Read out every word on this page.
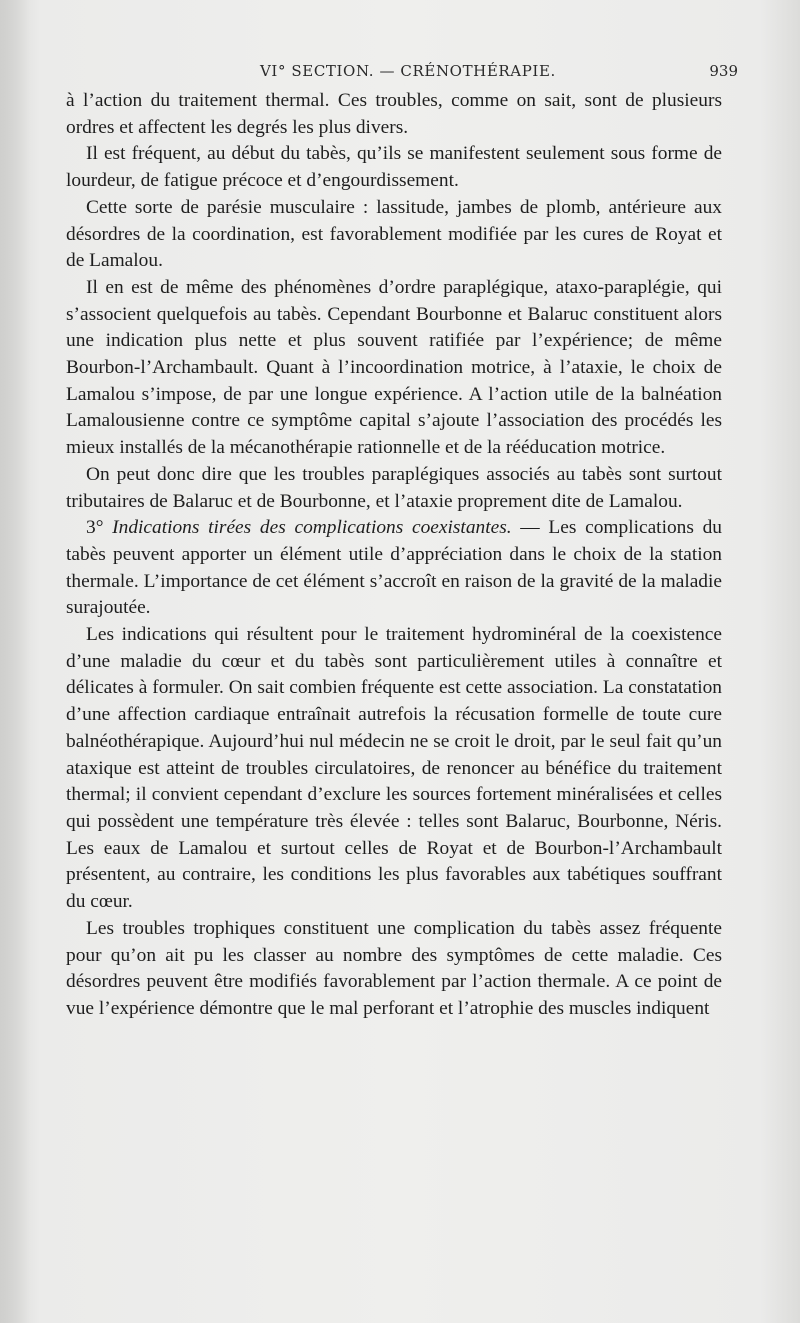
VI° SECTION. — CRÉNOTHÉRAPIE.	939

à l’action du traitement thermal. Ces troubles, comme on sait, sont de plusieurs ordres et affectent les degrés les plus divers.

Il est fréquent, au début du tabès, qu’ils se manifestent seulement sous forme de lourdeur, de fatigue précoce et d’engourdissement.

Cette sorte de parésie musculaire : lassitude, jambes de plomb, antérieure aux désordres de la coordination, est favorablement modifiée par les cures de Royat et de Lamalou.

Il en est de même des phénomènes d’ordre paraplégique, ataxo-paraplégie, qui s’associent quelquefois au tabès. Cependant Bourbonne et Balaruc constituent alors une indication plus nette et plus souvent ratifiée par l’expérience; de même Bourbon-l’Archambault. Quant à l’incoordination motrice, à l’ataxie, le choix de Lamalou s’impose, de par une longue expérience. A l’action utile de la balnéation Lamalousienne contre ce symptôme capital s’ajoute l’association des procédés les mieux installés de la mécanothérapie rationnelle et de la rééducation motrice.

On peut donc dire que les troubles paraplégiques associés au tabès sont surtout tributaires de Balaruc et de Bourbonne, et l’ataxie proprement dite de Lamalou.

3° Indications tirées des complications coexistantes. — Les complications du tabès peuvent apporter un élément utile d’appréciation dans le choix de la station thermale. L’importance de cet élément s’accroît en raison de la gravité de la maladie surajoutée.

Les indications qui résultent pour le traitement hydrominéral de la coexistence d’une maladie du cœur et du tabès sont particulièrement utiles à connaître et délicates à formuler. On sait combien fréquente est cette association. La constatation d’une affection cardiaque entraînait autrefois la récusation formelle de toute cure balnéothérapique. Aujourd’hui nul médecin ne se croit le droit, par le seul fait qu’un ataxique est atteint de troubles circulatoires, de renoncer au bénéfice du traitement thermal; il convient cependant d’exclure les sources fortement minéralisées et celles qui possèdent une température très élevée : telles sont Balaruc, Bourbonne, Néris. Les eaux de Lamalou et surtout celles de Royat et de Bourbon-l’Archambault présentent, au contraire, les conditions les plus favorables aux tabétiques souffrant du cœur.

Les troubles trophiques constituent une complication du tabès assez fréquente pour qu’on ait pu les classer au nombre des symptômes de cette maladie. Ces désordres peuvent être modifiés favorablement par l’action thermale. A ce point de vue l’expérience démontre que le mal perforant et l’atrophie des muscles indiquent
